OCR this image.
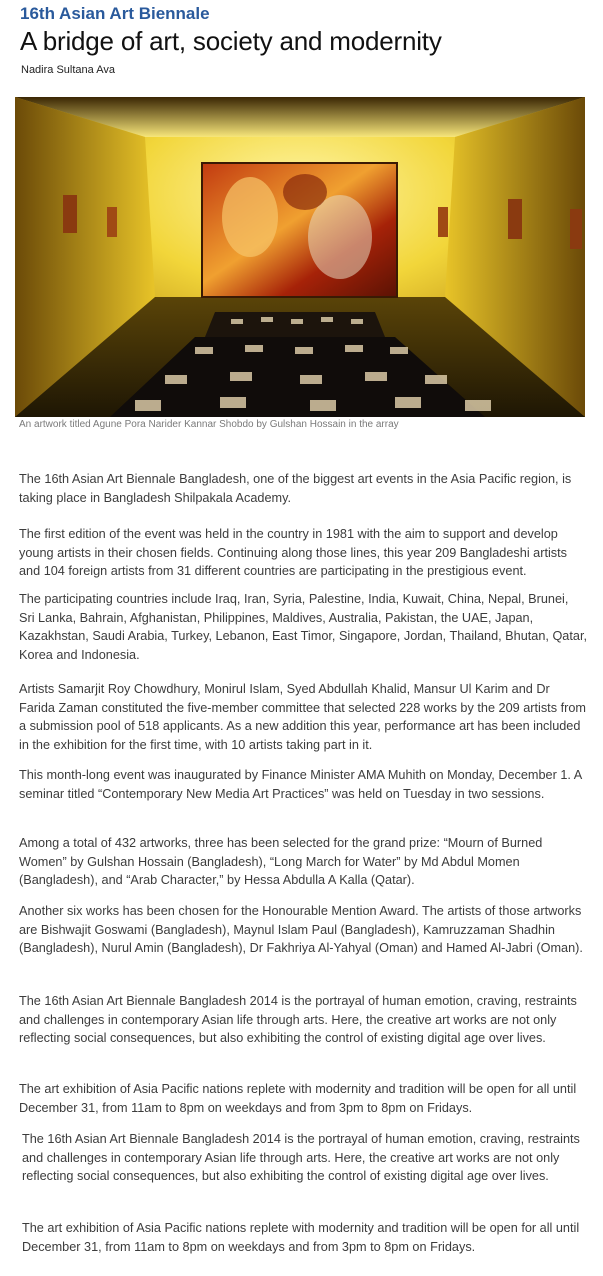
16th Asian Art Biennale
A bridge of art, society and modernity

Nadira Sultana Ava

An artwork titled Agune Pora Narider Kannar Shobdo by Gulshan Hossain in the array

The 16th Asian Art Biennale Bangladesh, one of the biggest art events in the Asia Pacific region, is taking place in Bangladesh Shilpakala Academy.

The first edition of the event was held in the country in 1981 with the aim to support and develop young artists in their chosen fields. Continuing along those lines, this year 209 Bangladeshi artists and 104 foreign artists from 31 different countries are participating in the prestigious event.

The participating countries include Iraq, Iran, Syria, Palestine, India, Kuwait, China, Nepal, Brunei, Sri Lanka, Bahrain, Afghanistan, Philippines, Maldives, Australia, Pakistan, the UAE, Japan, Kazakhstan, Saudi Arabia, Turkey, Lebanon, East Timor, Singapore, Jordan, Thailand, Bhutan, Qatar, Korea and Indonesia.

Artists Samarjit Roy Chowdhury, Monirul Islam, Syed Abdullah Khalid, Mansur Ul Karim and Dr Farida Zaman constituted the five-member committee that selected 228 works by the 209 artists from a submission pool of 518 applicants. As a new addition this year, performance art has been included in the exhibition for the first time, with 10 artists taking part in it.

This month-long event was inaugurated by Finance Minister AMA Muhith on Monday, December 1. A seminar titled “Contemporary New Media Art Practices” was held on Tuesday in two sessions.

Among a total of 432 artworks, three has been selected for the grand prize: “Mourn of Burned Women” by Gulshan Hossain (Bangladesh), “Long March for Water” by Md Abdul Momen (Bangladesh), and “Arab Character,” by Hessa Abdulla A Kalla (Qatar).

Another six works has been chosen for the Honourable Mention Award. The artists of those artworks are Bishwajit Goswami (Bangladesh), Maynul Islam Paul (Bangladesh), Kamruzzaman Shadhin (Bangladesh), Nurul Amin (Bangladesh), Dr Fakhriya Al-Yahyal (Oman) and Hamed Al-Jabri (Oman).

The 16th Asian Art Biennale Bangladesh 2014 is the portrayal of human emotion, craving, restraints and challenges in contemporary Asian life through arts. Here, the creative art works are not only reflecting social consequences, but also exhibiting the control of existing digital age over lives.

The art exhibition of Asia Pacific nations replete with modernity and tradition will be open for all until December 31, from 11am to 8pm on weekdays and from 3pm to 8pm on Fridays.

The 16th Asian Art Biennale Bangladesh 2014 is the portrayal of human emotion, craving, restraints and challenges in contemporary Asian life through arts. Here, the creative art works are not only reflecting social consequences, but also exhibiting the control of existing digital age over lives.

The art exhibition of Asia Pacific nations replete with modernity and tradition will be open for all until December 31, from 11am to 8pm on weekdays and from 3pm to 8pm on Fridays.
